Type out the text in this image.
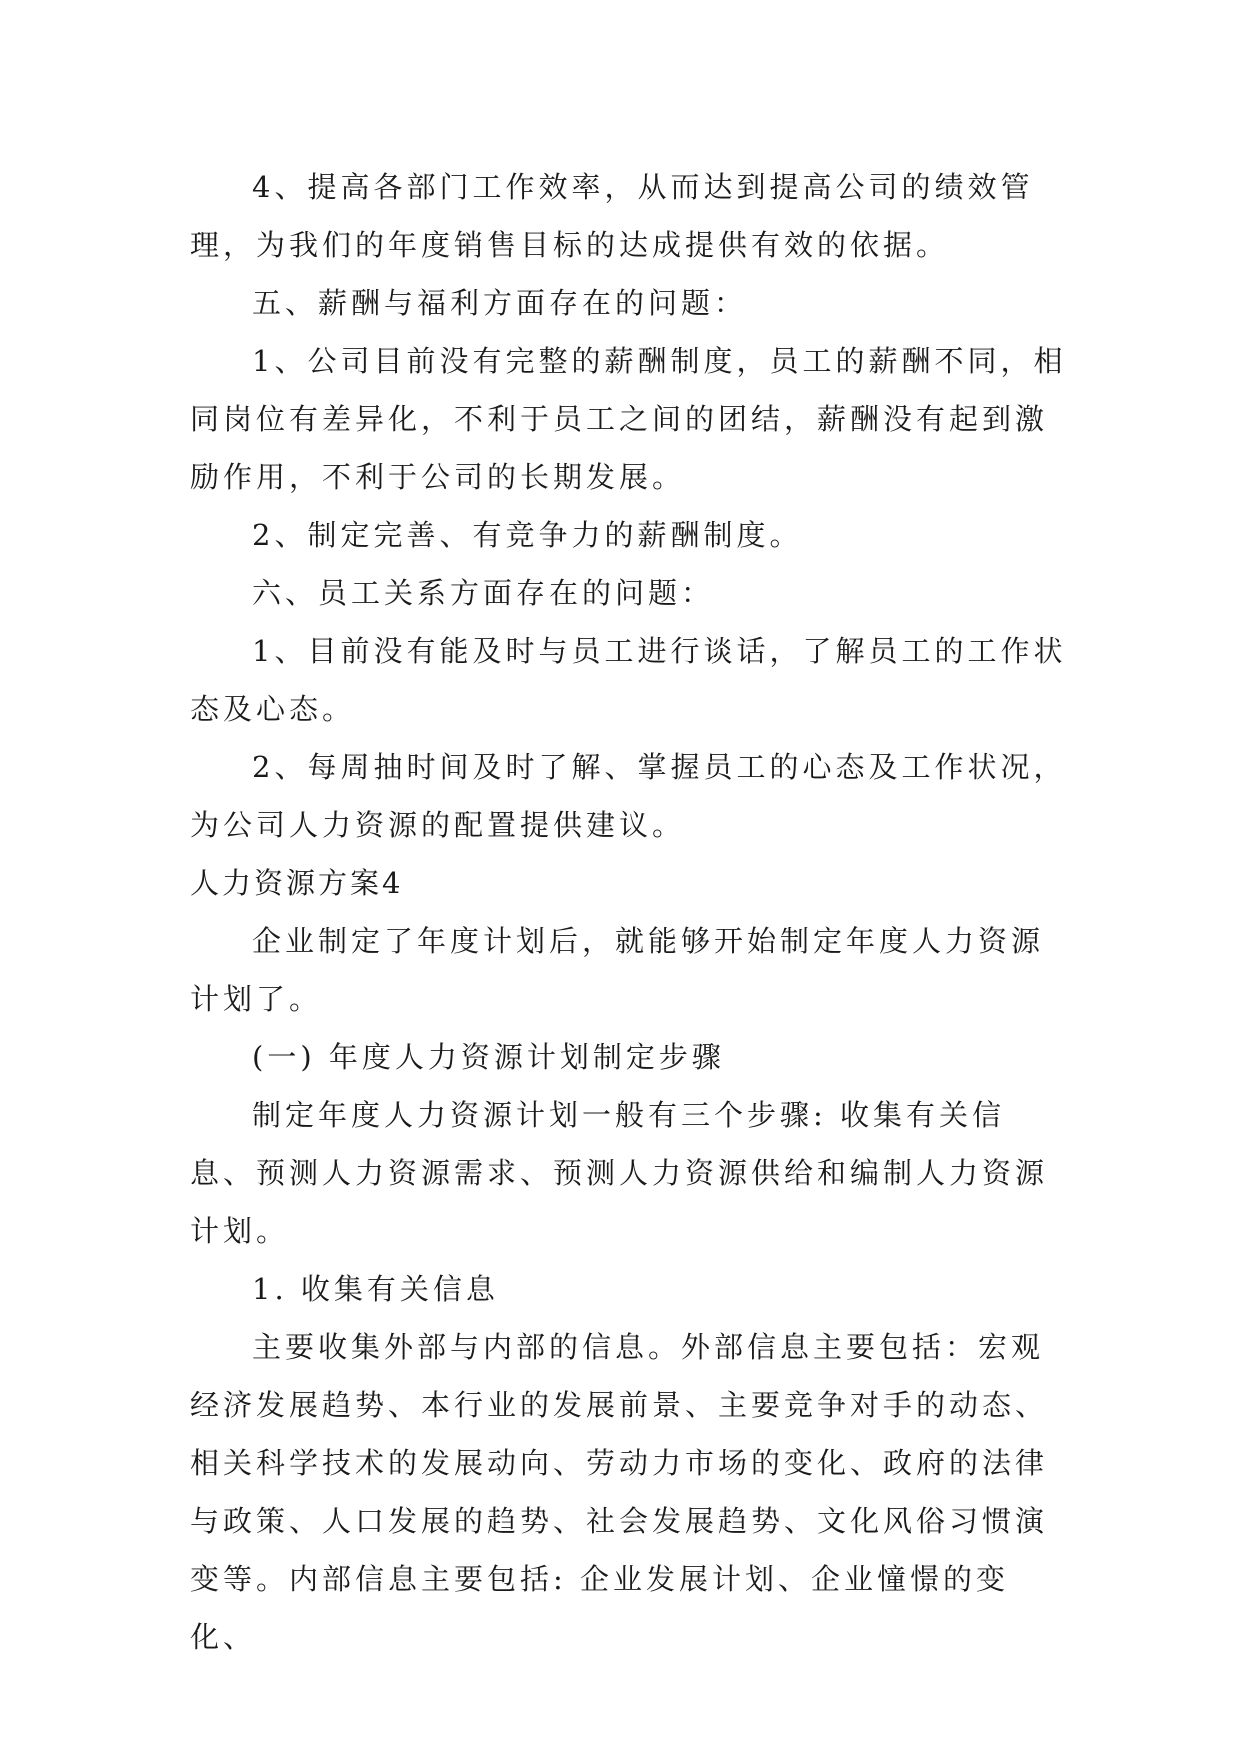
4、提高各部门工作效率，从而达到提高公司的绩效管理，为我们的年度销售目标的达成提供有效的依据。

五、薪酬与福利方面存在的问题：

1、公司目前没有完整的薪酬制度，员工的薪酬不同，相同岗位有差异化，不利于员工之间的团结，薪酬没有起到激励作用，不利于公司的长期发展。

2、制定完善、有竞争力的薪酬制度。

六、员工关系方面存在的问题：

1、目前没有能及时与员工进行谈话，了解员工的工作状态及心态。

2、每周抽时间及时了解、掌握员工的心态及工作状况，为公司人力资源的配置提供建议。

人力资源方案4

企业制定了年度计划后，就能够开始制定年度人力资源计划了。

(一) 年度人力资源计划制定步骤

制定年度人力资源计划一般有三个步骤: 收集有关信息、预测人力资源需求、预测人力资源供给和编制人力资源计划。

1. 收集有关信息

主要收集外部与内部的信息。外部信息主要包括：宏观经济发展趋势、本行业的发展前景、主要竞争对手的动态、相关科学技术的发展动向、劳动力市场的变化、政府的法律与政策、人口发展的趋势、社会发展趋势、文化风俗习惯演变等。内部信息主要包括: 企业发展计划、企业憧憬的变化、
